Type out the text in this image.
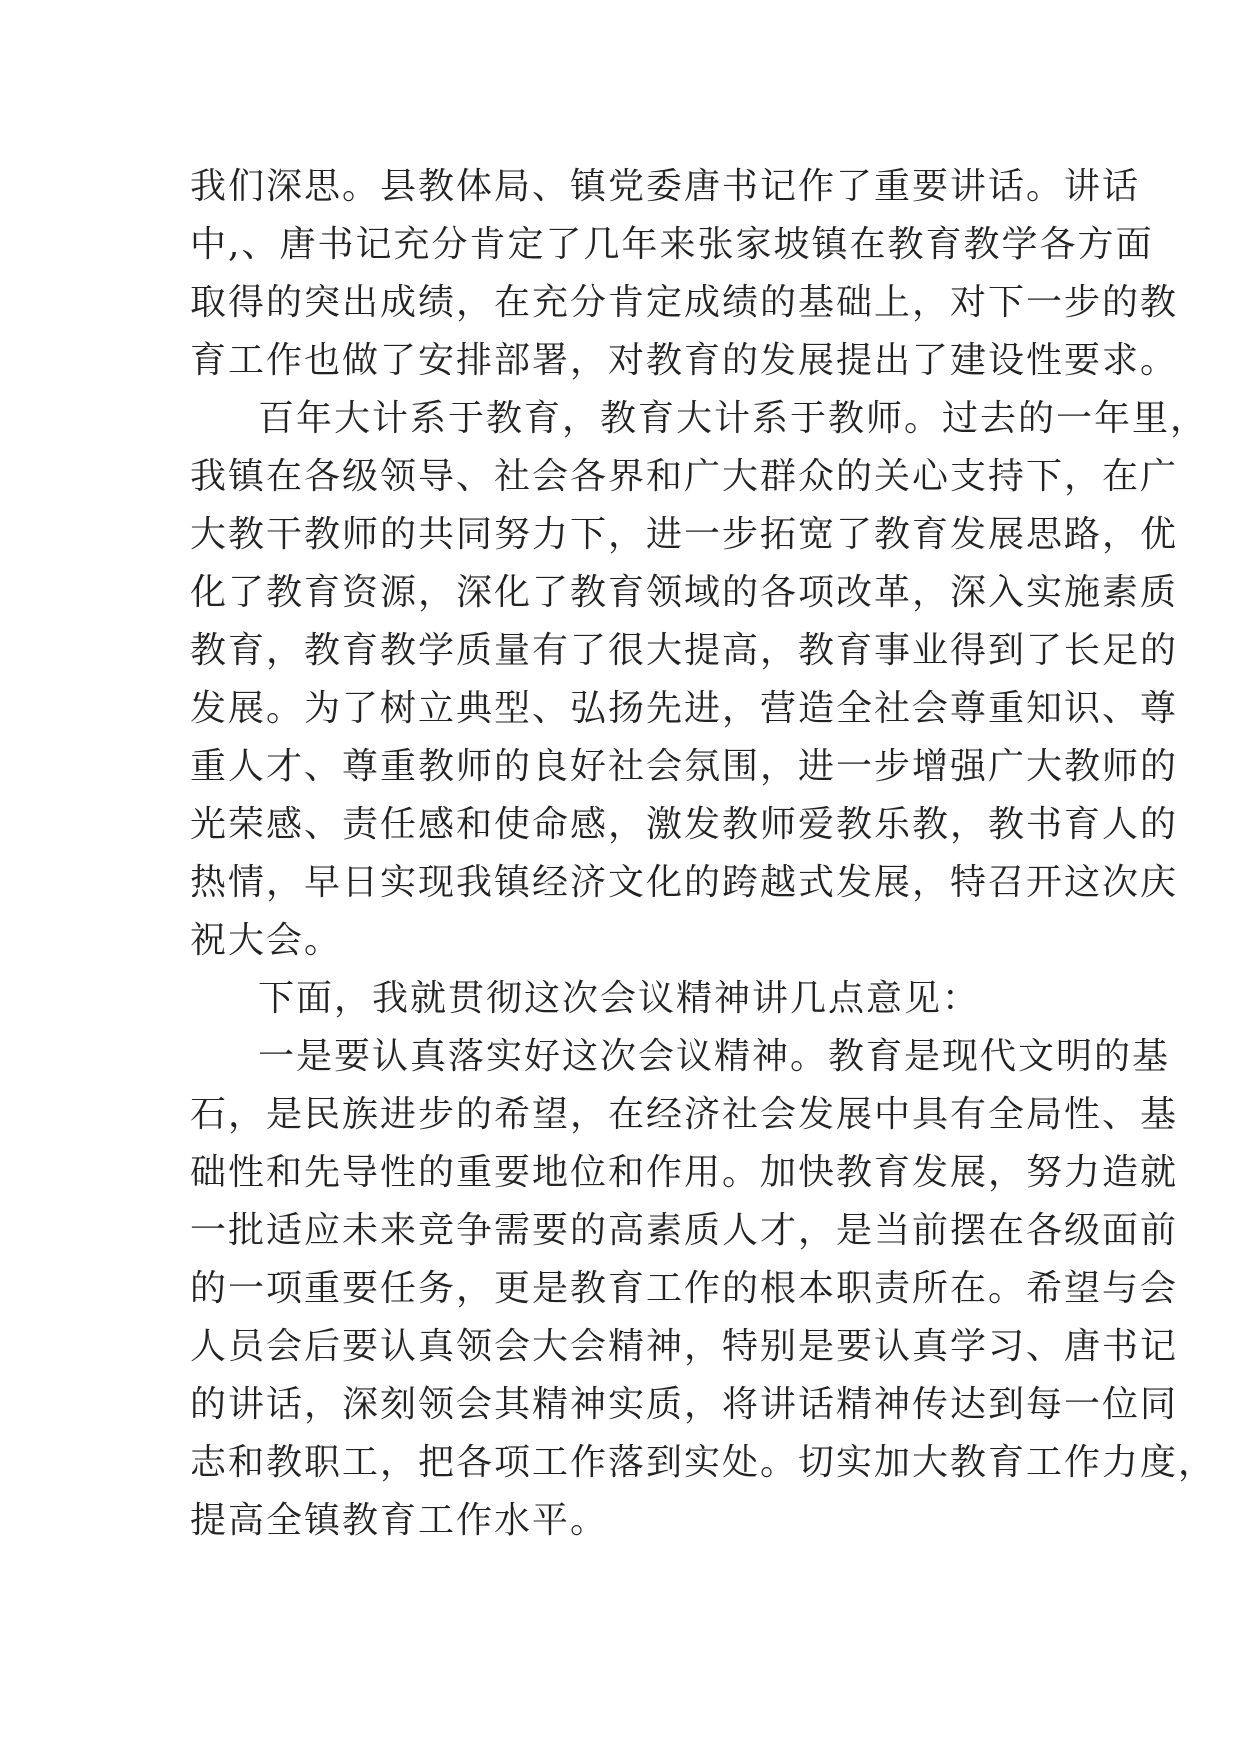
我们深思。县教体局、镇党委唐书记作了重要讲话。讲话
中,、唐书记充分肯定了几年来张家坡镇在教育教学各方面
取得的突出成绩，在充分肯定成绩的基础上，对下一步的教
育工作也做了安排部署，对教育的发展提出了建设性要求。
百年大计系于教育，教育大计系于教师。过去的一年里，
我镇在各级领导、社会各界和广大群众的关心支持下，在广
大教干教师的共同努力下，进一步拓宽了教育发展思路，优
化了教育资源，深化了教育领域的各项改革，深入实施素质
教育，教育教学质量有了很大提高，教育事业得到了长足的
发展。为了树立典型、弘扬先进，营造全社会尊重知识、尊
重人才、尊重教师的良好社会氛围，进一步增强广大教师的
光荣感、责任感和使命感，激发教师爱教乐教，教书育人的
热情，早日实现我镇经济文化的跨越式发展，特召开这次庆
祝大会。
下面，我就贯彻这次会议精神讲几点意见：
一是要认真落实好这次会议精神。教育是现代文明的基
石，是民族进步的希望，在经济社会发展中具有全局性、基
础性和先导性的重要地位和作用。加快教育发展，努力造就
一批适应未来竞争需要的高素质人才，是当前摆在各级面前
的一项重要任务，更是教育工作的根本职责所在。希望与会
人员会后要认真领会大会精神，特别是要认真学习、唐书记
的讲话，深刻领会其精神实质，将讲话精神传达到每一位同
志和教职工，把各项工作落到实处。切实加大教育工作力度，
提高全镇教育工作水平。
